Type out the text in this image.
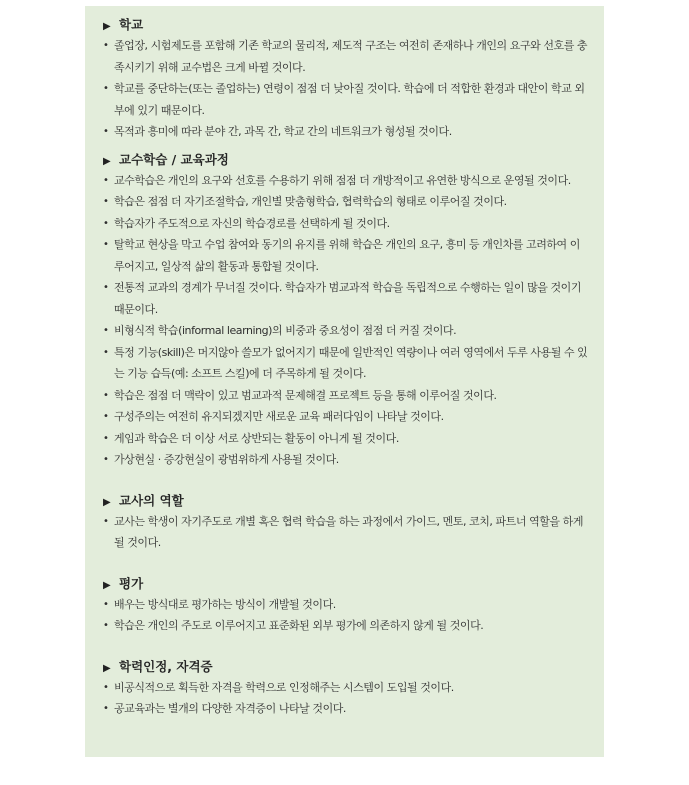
▶ 학교
• 졸업장, 시험제도를 포함해 기존 학교의 물리적, 제도적 구조는 여전히 존재하나 개인의 요구와 선호를 충족시키기 위해 교수법은 크게 바뀔 것이다.
• 학교를 중단하는(또는 졸업하는) 연령이 점점 더 낮아질 것이다. 학습에 더 적합한 환경과 대안이 학교 외부에 있기 때문이다.
• 목적과 흥미에 따라 분야 간, 과목 간, 학교 간의 네트워크가 형성될 것이다.
▶ 교수학습 / 교육과정
• 교수학습은 개인의 요구와 선호를 수용하기 위해 점점 더 개방적이고 유연한 방식으로 운영될 것이다.
• 학습은 점점 더 자기조절학습, 개인별 맞춤형학습, 협력학습의 형태로 이루어질 것이다.
• 학습자가 주도적으로 자신의 학습경로를 선택하게 될 것이다.
• 탈학교 현상을 막고 수업 참여와 동기의 유지를 위해 학습은 개인의 요구, 흥미 등 개인차를 고려하여 이루어지고, 일상적 삶의 활동과 통합될 것이다.
• 전통적 교과의 경계가 무너질 것이다. 학습자가 범교과적 학습을 독립적으로 수행하는 일이 많을 것이기 때문이다.
• 비형식적 학습(informal learning)의 비중과 중요성이 점점 더 커질 것이다.
• 특정 기능(skill)은 머지않아 쓸모가 없어지기 때문에 일반적인 역량이나 여러 영역에서 두루 사용될 수 있는 기능 습득(예: 소프트 스킬)에 더 주목하게 될 것이다.
• 학습은 점점 더 맥락이 있고 범교과적 문제해결 프로젝트 등을 통해 이루어질 것이다.
• 구성주의는 여전히 유지되겠지만 새로운 교육 패러다임이 나타날 것이다.
• 게임과 학습은 더 이상 서로 상반되는 활동이 아니게 될 것이다.
• 가상현실 · 증강현실이 광범위하게 사용될 것이다.
▶ 교사의 역할
• 교사는 학생이 자기주도로 개별 혹은 협력 학습을 하는 과정에서 가이드, 멘토, 코치, 파트너 역할을 하게 될 것이다.
▶ 평가
• 배우는 방식대로 평가하는 방식이 개발될 것이다.
• 학습은 개인의 주도로 이루어지고 표준화된 외부 평가에 의존하지 않게 될 것이다.
▶ 학력인정, 자격증
• 비공식적으로 획득한 자격을 학력으로 인정해주는 시스템이 도입될 것이다.
• 공교육과는 별개의 다양한 자격증이 나타날 것이다.
